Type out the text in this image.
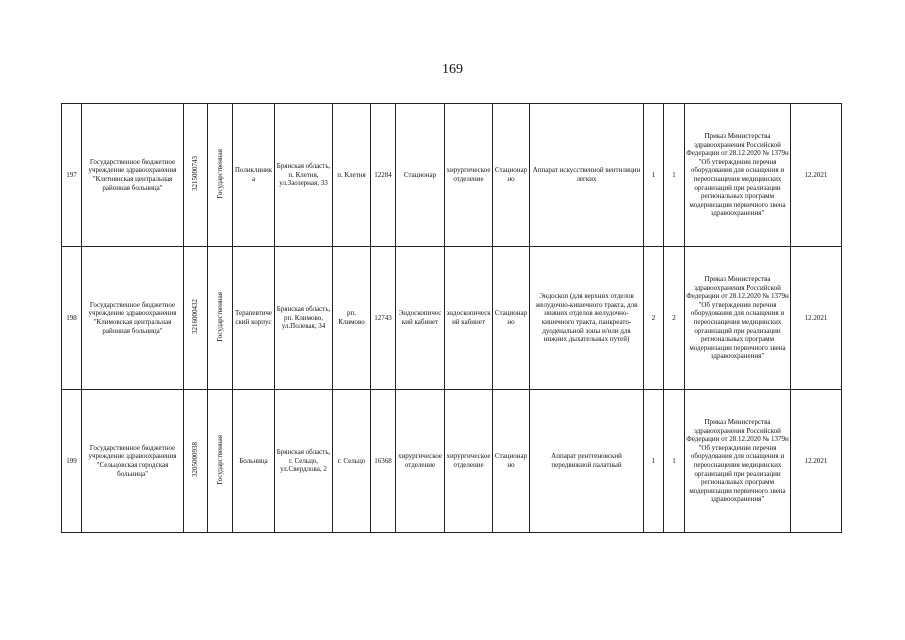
169
197	Государственное бюджетное учреждение здравоохранения "Клетнянская центральная районная больница"	3215000743	Государственная	Поликлиника	Брянская область, п. Клетня, ул.Заозерная, 33	п. Клетня	12284	Стационар	хирургическое отделение	Стационарно	Аппарат искусственной вентиляции легких	1	1	Приказ Министерства здравоохранения Российской Федерации от 28.12.2020 № 1379н "Об утверждении перечня оборудования для оснащения и переоснащения медицинских организаций при реализации региональных программ модернизации первичного звена здравоохранения"	12.2021
198	Государственное бюджетное учреждение здравоохранения "Климовская центральная районная больница"	3216000432	Государственная	Терапевтический корпус	Брянская область, рп. Климово, ул.Полевая, 34	рп. Климово	12743	Эндоскопический кабинет	эндоскопический кабинет	Стационарно	Эндоскоп (для верхних отделов желудочно-кишечного тракта, для нижних отделов желудочно-кишечного тракта, панкреато-дуоденальной зоны и/или для нижних дыхательных путей)	2	2	Приказ Министерства здравоохранения Российской Федерации от 28.12.2020 № 1379н "Об утверждении перечня оборудования для оснащения и переоснащения медицинских организаций при реализации региональных программ модернизации первичного звена здравоохранения"	12.2021
199	Государственное бюджетное учреждение здравоохранения "Сельцовская городская больница"	3205000938	Государственная	Больница	Брянская область, г. Сельцо, ул.Свердлова, 2	г. Сельцо	16368	хирургическое отделение	хирургическое отделение	Стационарно	Аппарат рентгеновский передвижной палатный	1	1	Приказ Министерства здравоохранения Российской Федерации от 28.12.2020 № 1379н "Об утверждении перечня оборудования для оснащения и переоснащения медицинских организаций при реализации региональных программ модернизации первичного звена здравоохранения"	12.2021
